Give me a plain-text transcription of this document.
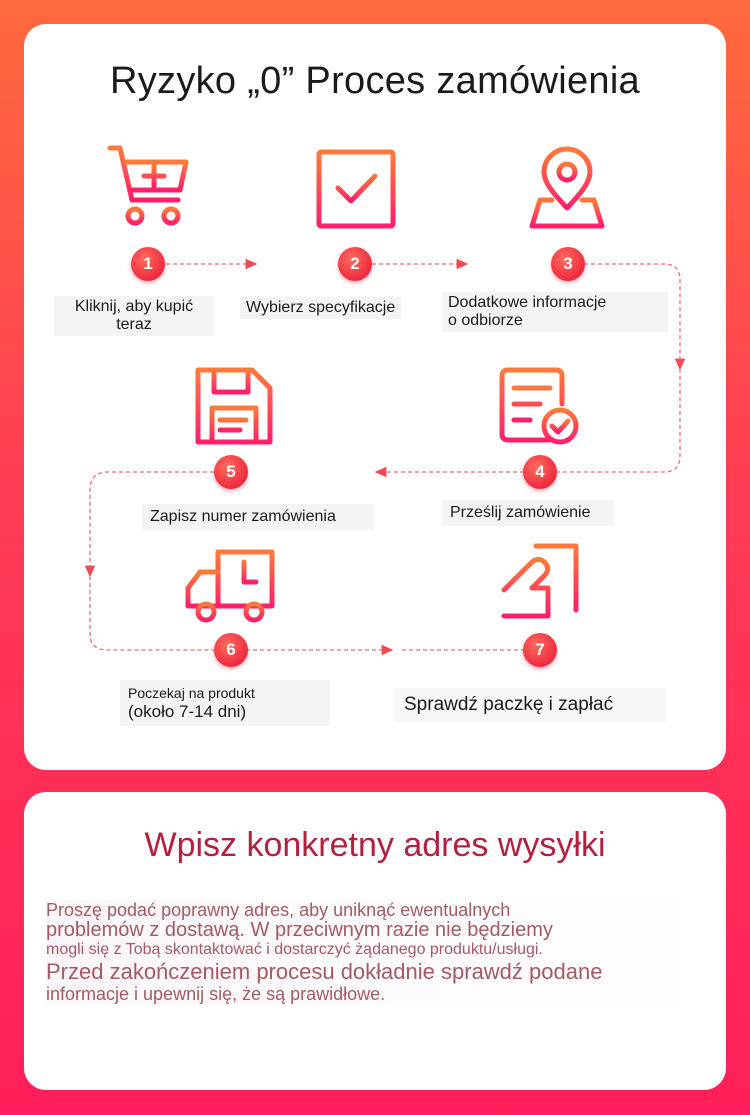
Ryzyko „0” Proces zamówienia
1	2	3
Kliknij, aby kupić
teraz
Wybierz specyfikacje	Dodatkowe informacje
o odbiorze
5	4
Zapisz numer zamówienia	Prześlij zamówienie
6	7
Poczekaj na produkt
(około 7-14 dni)	Sprawdź paczkę i zapłać
Wpisz konkretny adres wysyłki
Proszę podać poprawny adres, aby uniknąć ewentualnych
problemów z dostawą. W przeciwnym razie nie będziemy
mogli się z Tobą skontaktować i dostarczyć żądanego produktu/usługi.
Przed zakończeniem procesu dokładnie sprawdź podane
informacje i upewnij się, że są prawidłowe.
